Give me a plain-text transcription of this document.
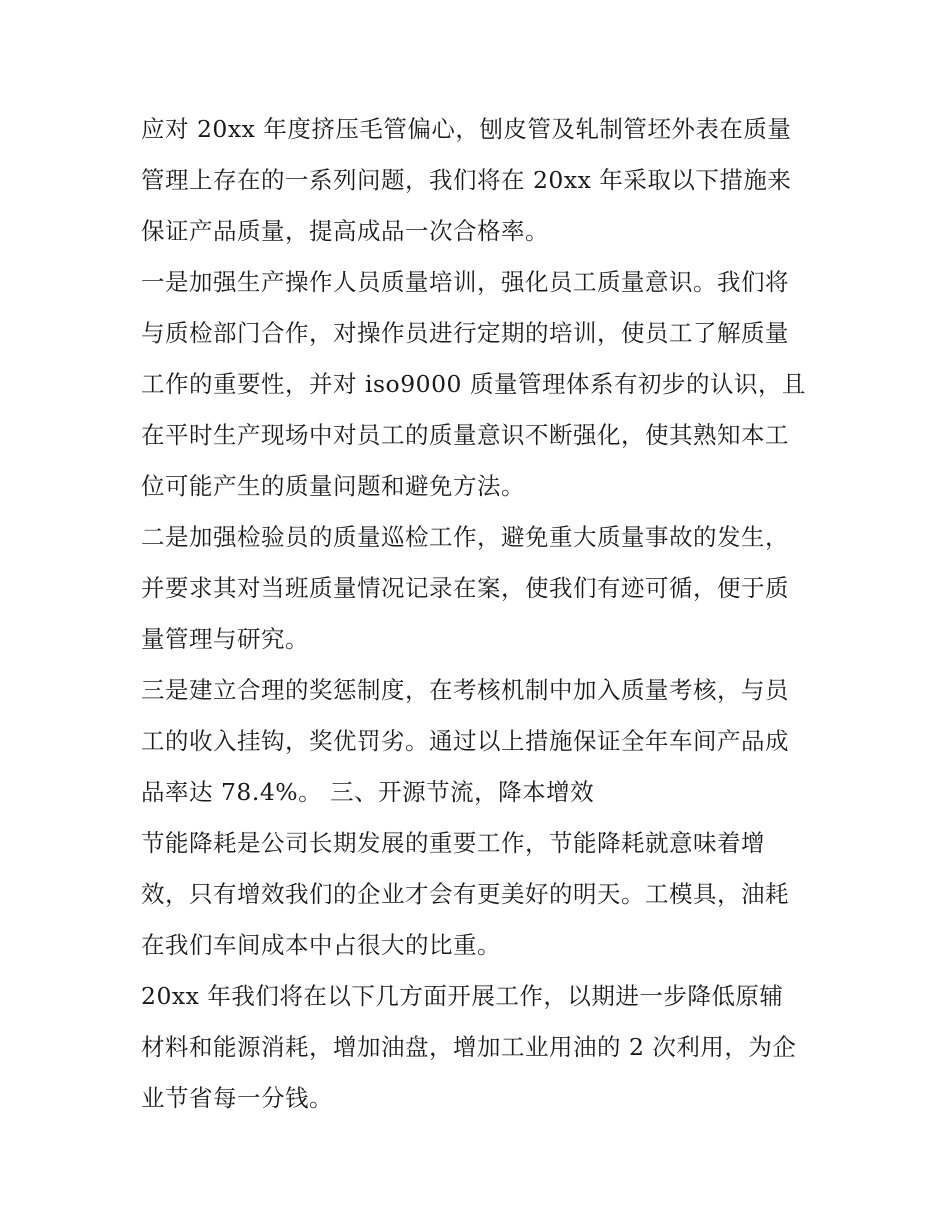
应对 20xx 年度挤压毛管偏心，刨皮管及轧制管坯外表在质量
管理上存在的一系列问题，我们将在 20xx 年采取以下措施来
保证产品质量，提高成品一次合格率。
一是加强生产操作人员质量培训，强化员工质量意识。我们将
与质检部门合作，对操作员进行定期的培训，使员工了解质量
工作的重要性，并对 iso9000 质量管理体系有初步的认识，且
在平时生产现场中对员工的质量意识不断强化，使其熟知本工
位可能产生的质量问题和避免方法。
二是加强检验员的质量巡检工作，避免重大质量事故的发生，
并要求其对当班质量情况记录在案，使我们有迹可循，便于质
量管理与研究。
三是建立合理的奖惩制度，在考核机制中加入质量考核，与员
工的收入挂钩，奖优罚劣。通过以上措施保证全年车间产品成
品率达 78.4%。 三、开源节流，降本增效
节能降耗是公司长期发展的重要工作，节能降耗就意味着增
效，只有增效我们的企业才会有更美好的明天。工模具，油耗
在我们车间成本中占很大的比重。
20xx 年我们将在以下几方面开展工作，以期进一步降低原辅
材料和能源消耗，增加油盘，增加工业用油的 2 次利用，为企
业节省每一分钱。
